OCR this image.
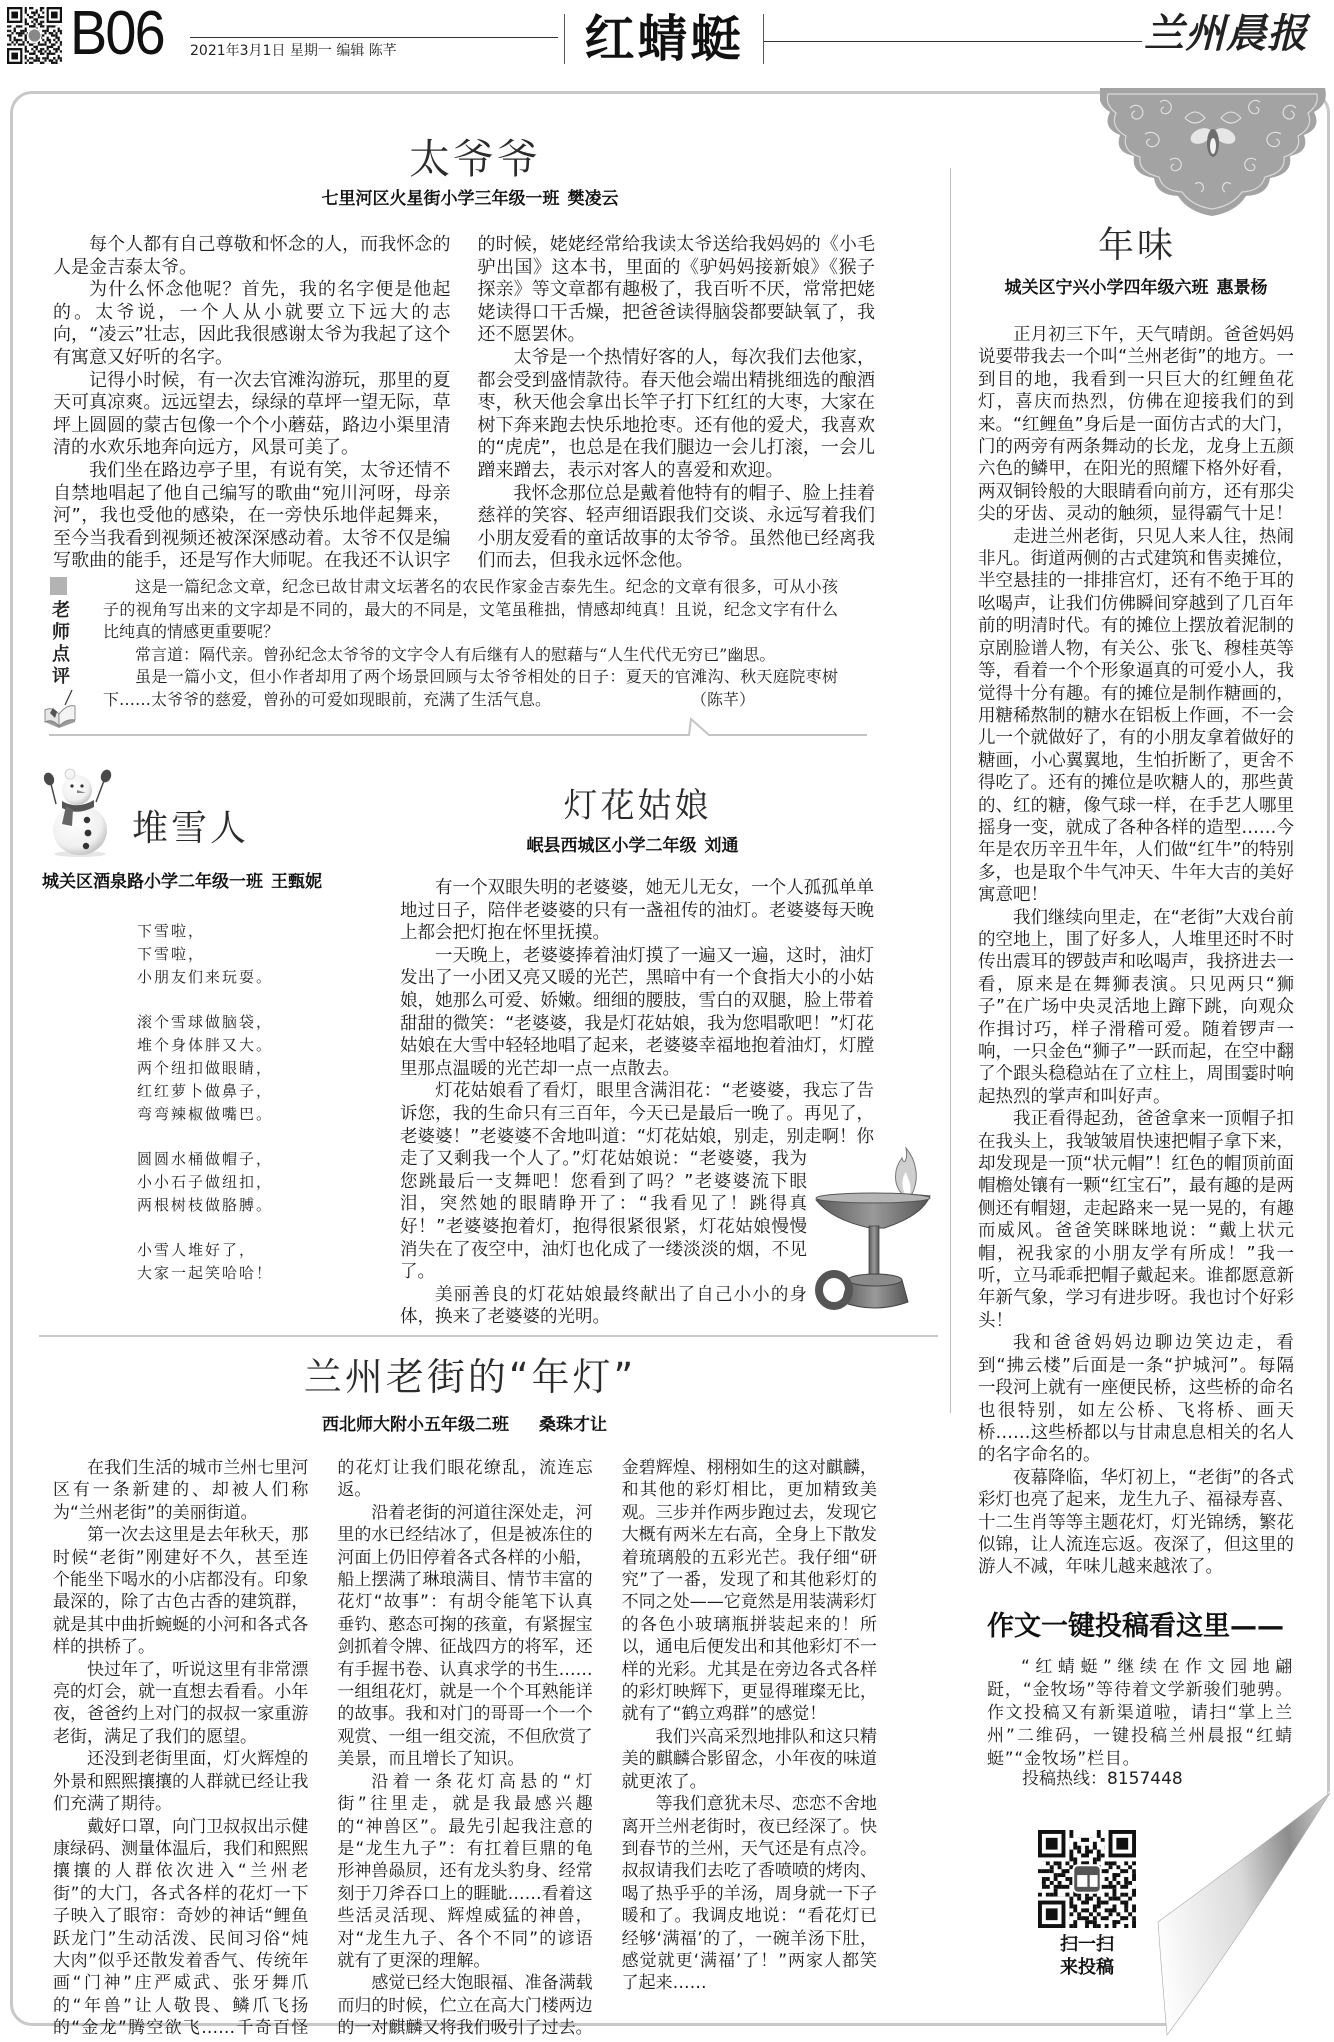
B06 2021年3月1日 星期一 编辑 陈芊	红蜻蜓	兰州晨报
太爷爷
七里河区火星街小学三年级一班 樊凌云

每个人都有自己尊敬和怀念的人，而我怀念的人是金吉泰太爷。

为什么怀念他呢？首先，我的名字便是他起的。太爷说，一个人从小就要立下远大的志向，“凌云”壮志，因此我很感谢太爷为我起了这个有寓意又好听的名字。

记得小时候，有一次去官滩沟游玩，那里的夏天可真凉爽。远远望去，绿绿的草坪一望无际，草坪上圆圆的蒙古包像一个个小蘑菇，路边小渠里清清的水欢乐地奔向远方，风景可美了。

我们坐在路边亭子里，有说有笑，太爷还情不自禁地唱起了他自己编写的歌曲“宛川河呀，母亲河”，我也受他的感染，在一旁快乐地伴起舞来，至今当我看到视频还被深深感动着。太爷不仅是编写歌曲的能手，还是写作大师呢。在我还不认识字的时候，姥姥经常给我读太爷送给我妈妈的《小毛驴出国》这本书，里面的《驴妈妈接新娘》《猴子探亲》等文章都有趣极了，我百听不厌，常常把姥姥读得口干舌燥，把爸爸读得脑袋都要缺氧了，我还不愿罢休。

太爷是一个热情好客的人，每次我们去他家，都会受到盛情款待。春天他会端出精挑细选的酿酒枣，秋天他会拿出长竿子打下红红的大枣，大家在树下奔来跑去快乐地抢枣。还有他的爱犬，我喜欢的“虎虎”，也总是在我们腿边一会儿打滚，一会儿蹭来蹭去，表示对客人的喜爱和欢迎。

我怀念那位总是戴着他特有的帽子、脸上挂着慈祥的笑容、轻声细语跟我们交谈、永远写着我们小朋友爱看的童话故事的太爷爷。虽然他已经离我们而去，但我永远怀念他。

老师点评

这是一篇纪念文章，纪念已故甘肃文坛著名的农民作家金吉泰先生。纪念的文章有很多，可从小孩子的视角写出来的文字却是不同的，最大的不同是，文笔虽稚拙，情感却纯真！且说，纪念文字有什么比纯真的情感更重要呢？

常言道：隔代亲。曾孙纪念太爷爷的文字令人有后继有人的慰藉与“人生代代无穷已”幽思。

虽是一篇小文，但小作者却用了两个场景回顾与太爷爷相处的日子：夏天的官滩沟、秋天庭院枣树下……太爷爷的慈爱，曾孙的可爱如现眼前，充满了生活气息。	（陈芊）

堆雪人
城关区酒泉路小学二年级一班 王甄妮
下雪啦，
下雪啦，
小朋友们来玩耍。
滚个雪球做脑袋，
堆个身体胖又大。
两个纽扣做眼睛，
红红萝卜做鼻子，
弯弯辣椒做嘴巴。
圆圆水桶做帽子，
小小石子做纽扣，
两根树枝做胳膊。
小雪人堆好了，
大家一起笑哈哈！
灯花姑娘
岷县西城区小学二年级 刘通

有一个双眼失明的老婆婆，她无儿无女，一个人孤孤单单地过日子，陪伴老婆婆的只有一盏祖传的油灯。老婆婆每天晚上都会把灯抱在怀里抚摸。

一天晚上，老婆婆捧着油灯摸了一遍又一遍，这时，油灯发出了一小团又亮又暖的光芒，黑暗中有一个食指大小的小姑娘，她那么可爱、娇嫩。细细的腰肢，雪白的双腿，脸上带着甜甜的微笑：“老婆婆，我是灯花姑娘，我为您唱歌吧！”灯花姑娘在大雪中轻轻地唱了起来，老婆婆幸福地抱着油灯，灯膛里那点温暖的光芒却一点一点散去。

灯花姑娘看了看灯，眼里含满泪花：“老婆婆，我忘了告诉您，我的生命只有三百年，今天已是最后一晚了。再见了，老婆婆！”老婆婆不舍地叫道：“灯花姑娘，别走，别走啊！你走了又剩我一个人了。”灯花姑娘说：“老婆婆，我为您跳最后一支舞吧！您看到了吗？”老婆婆流下眼泪，突然她的眼睛睁开了：“我看见了！跳得真好！”老婆婆抱着灯，抱得很紧很紧，灯花姑娘慢慢消失在了夜空中，油灯也化成了一缕淡淡的烟，不见了。

美丽善良的灯花姑娘最终献出了自己小小的身体，换来了老婆婆的光明。

兰州老街的“年灯”
西北师大附小五年级二班 桑珠才让

在我们生活的城市兰州七里河区有一条新建的、却被人们称为“兰州老街”的美丽街道。

第一次去这里是去年秋天，那时候“老街”刚建好不久，甚至连个能坐下喝水的小店都没有。印象最深的，除了古色古香的建筑群，就是其中曲折蜿蜒的小河和各式各样的拱桥了。

快过年了，听说这里有非常漂亮的灯会，就一直想去看看。小年夜，爸爸约上对门的叔叔一家重游老街，满足了我们的愿望。

还没到老街里面，灯火辉煌的外景和熙熙攘攘的人群就已经让我们充满了期待。

戴好口罩，向门卫叔叔出示健康绿码、测量体温后，我们和熙熙攘攘的人群依次进入“兰州老街”的大门，各式各样的花灯一下子映入了眼帘：奇妙的神话“鲤鱼跃龙门”生动活泼、民间习俗“炖大肉”似乎还散发着香气、传统年画“门神”庄严威武、张牙舞爪的“年兽”让人敬畏、鳞爪飞扬的“金龙”腾空欲飞……千奇百怪的花灯让我们眼花缭乱，流连忘返。

沿着老街的河道往深处走，河里的水已经结冰了，但是被冻住的河面上仍旧停着各式各样的小船，船上摆满了琳琅满目、情节丰富的花灯“故事”：有胡令能笔下认真垂钓、憨态可掬的孩童，有紧握宝剑抓着令牌、征战四方的将军，还有手握书卷、认真求学的书生……一组组花灯，就是一个个耳熟能详的故事。我和对门的哥哥一个一个观赏、一组一组交流，不但欣赏了美景，而且增长了知识。

沿着一条花灯高悬的“灯街”往里走，就是我最感兴趣的“神兽区”。最先引起我注意的是“龙生九子”：有扛着巨鼎的龟形神兽赑屃，还有龙头豹身、经常刻于刀斧吞口上的睚眦……看着这些活灵活现、辉煌威猛的神兽，对“龙生九子、各个不同”的谚语就有了更深的理解。

感觉已经大饱眼福、准备满载而归的时候，伫立在高大门楼两边的一对麒麟又将我们吸引了过去。金碧辉煌、栩栩如生的这对麒麟，和其他的彩灯相比，更加精致美观。三步并作两步跑过去，发现它大概有两米左右高，全身上下散发着琉璃般的五彩光芒。我仔细“研究”了一番，发现了和其他彩灯的不同之处——它竟然是用装满彩灯的各色小玻璃瓶拼装起来的！所以，通电后便发出和其他彩灯不一样的光彩。尤其是在旁边各式各样的彩灯映辉下，更显得璀璨无比，就有了“鹤立鸡群”的感觉！

我们兴高采烈地排队和这只精美的麒麟合影留念，小年夜的味道就更浓了。

等我们意犹未尽、恋恋不舍地离开兰州老街时，夜已经深了。快到春节的兰州，天气还是有点冷。叔叔请我们去吃了香喷喷的烤肉、喝了热乎乎的羊汤，周身就一下子暖和了。我调皮地说：“看花灯已经够‘满福’的了，一碗羊汤下肚，感觉就更‘满福’了！”两家人都笑了起来……

年味
城关区宁兴小学四年级六班 惠景杨

正月初三下午，天气晴朗。爸爸妈妈说要带我去一个叫“兰州老街”的地方。一到目的地，我看到一只巨大的红鲤鱼花灯，喜庆而热烈，仿佛在迎接我们的到来。“红鲤鱼”身后是一面仿古式的大门，门的两旁有两条舞动的长龙，龙身上五颜六色的鳞甲，在阳光的照耀下格外好看，两双铜铃般的大眼睛看向前方，还有那尖尖的牙齿、灵动的触须，显得霸气十足！

走进兰州老街，只见人来人往，热闹非凡。街道两侧的古式建筑和售卖摊位，半空悬挂的一排排宫灯，还有不绝于耳的吆喝声，让我们仿佛瞬间穿越到了几百年前的明清时代。有的摊位上摆放着泥制的京剧脸谱人物，有关公、张飞、穆桂英等等，看着一个个形象逼真的可爱小人，我觉得十分有趣。有的摊位是制作糖画的，用糖稀熬制的糖水在铝板上作画，不一会儿一个就做好了，有的小朋友拿着做好的糖画，小心翼翼地，生怕折断了，更舍不得吃了。还有的摊位是吹糖人的，那些黄的、红的糖，像气球一样，在手艺人哪里摇身一变，就成了各种各样的造型……今年是农历辛丑牛年，人们做“红牛”的特别多，也是取个牛气冲天、牛年大吉的美好寓意吧！

我们继续向里走，在“老街”大戏台前的空地上，围了好多人，人堆里还时不时传出震耳的锣鼓声和吆喝声，我挤进去一看，原来是在舞狮表演。只见两只“狮子”在广场中央灵活地上蹿下跳，向观众作揖讨巧，样子滑稽可爱。随着锣声一响，一只金色“狮子”一跃而起，在空中翻了个跟头稳稳站在了立柱上，周围霎时响起热烈的掌声和叫好声。

我正看得起劲，爸爸拿来一顶帽子扣在我头上，我皱皱眉快速把帽子拿下来，却发现是一顶“状元帽”！红色的帽顶前面帽檐处镶有一颗“红宝石”，最有趣的是两侧还有帽翅，走起路来一晃一晃的，有趣而威风。爸爸笑眯眯地说：“戴上状元帽，祝我家的小朋友学有所成！”我一听，立马乖乖把帽子戴起来。谁都愿意新年新气象，学习有进步呀。我也讨个好彩头！

我和爸爸妈妈边聊边笑边走，看到“拂云楼”后面是一条“护城河”。每隔一段河上就有一座便民桥，这些桥的命名也很特别，如左公桥、飞将桥、画天桥……这些桥都以与甘肃息息相关的名人的名字命名的。

夜幕降临，华灯初上，“老街”的各式彩灯也亮了起来，龙生九子、福禄寿喜、十二生肖等等主题花灯，灯光锦绣，繁花似锦，让人流连忘返。夜深了，但这里的游人不减，年味儿越来越浓了。

作文一键投稿看这里——

“红蜻蜓”继续在作文园地翩跹，“金牧场”等待着文学新骏们驰骋。作文投稿又有新渠道啦，请扫“掌上兰州”二维码，一键投稿兰州晨报“红蜻蜓”“金牧场”栏目。

投稿热线：8157448
扫一扫
来投稿
